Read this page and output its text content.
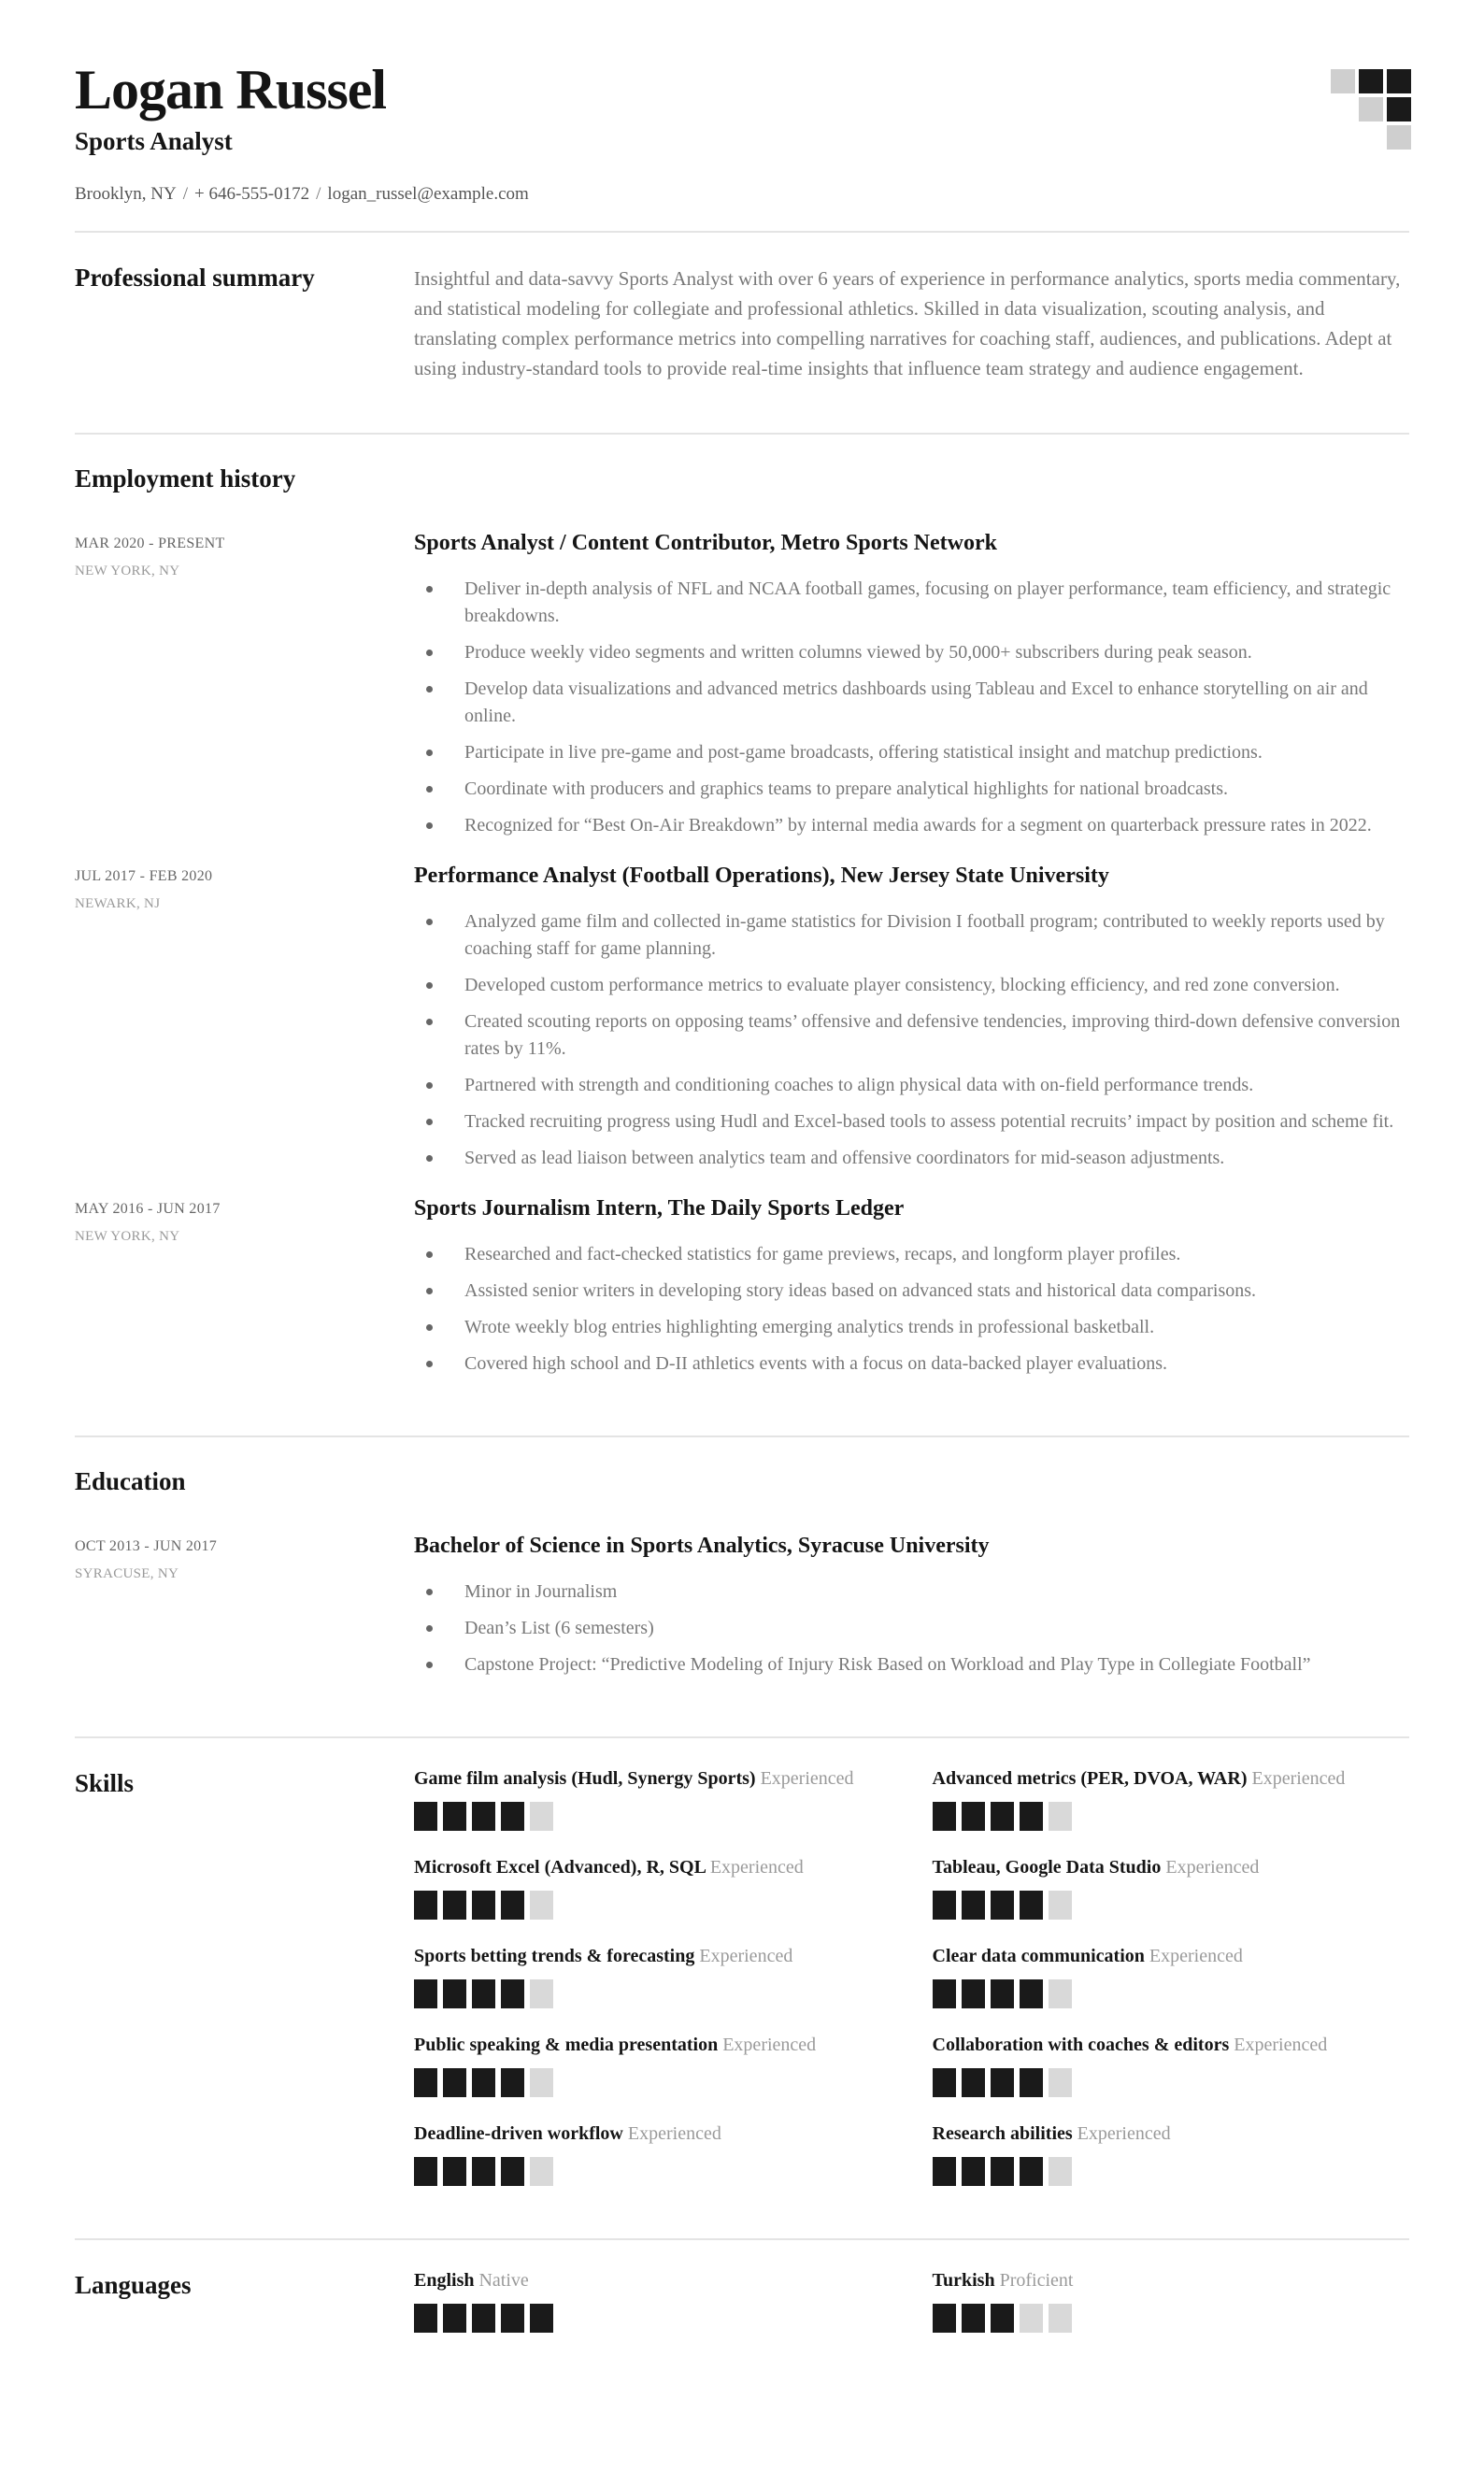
Logan Russel
Sports Analyst
Brooklyn, NY / + 646-555-0172 / logan_russel@example.com
Professional summary	Insightful and data-savvy Sports Analyst with over 6 years of experience in performance analytics, sports media commentary, and statistical modeling for collegiate and professional athletics. Skilled in data visualization, scouting analysis, and translating complex performance metrics into compelling narratives for coaching staff, audiences, and publications. Adept at using industry-standard tools to provide real-time insights that influence team strategy and audience engagement.

Employment history
MAR 2020 - PRESENT
NEW YORK, NY
Sports Analyst / Content Contributor, Metro Sports Network
Deliver in-depth analysis of NFL and NCAA football games, focusing on player performance, team efficiency, and strategic breakdowns.
Produce weekly video segments and written columns viewed by 50,000+ subscribers during peak season.
Develop data visualizations and advanced metrics dashboards using Tableau and Excel to enhance storytelling on air and online.
Participate in live pre-game and post-game broadcasts, offering statistical insight and matchup predictions.
Coordinate with producers and graphics teams to prepare analytical highlights for national broadcasts.
Recognized for “Best On-Air Breakdown” by internal media awards for a segment on quarterback pressure rates in 2022.
JUL 2017 - FEB 2020
NEWARK, NJ
Performance Analyst (Football Operations), New Jersey State University
Analyzed game film and collected in-game statistics for Division I football program; contributed to weekly reports used by coaching staff for game planning.
Developed custom performance metrics to evaluate player consistency, blocking efficiency, and red zone conversion.
Created scouting reports on opposing teams’ offensive and defensive tendencies, improving third-down defensive conversion rates by 11%.
Partnered with strength and conditioning coaches to align physical data with on-field performance trends.
Tracked recruiting progress using Hudl and Excel-based tools to assess potential recruits’ impact by position and scheme fit.
Served as lead liaison between analytics team and offensive coordinators for mid-season adjustments.
MAY 2016 - JUN 2017
NEW YORK, NY
Sports Journalism Intern, The Daily Sports Ledger
Researched and fact-checked statistics for game previews, recaps, and longform player profiles.
Assisted senior writers in developing story ideas based on advanced stats and historical data comparisons.
Wrote weekly blog entries highlighting emerging analytics trends in professional basketball.
Covered high school and D-II athletics events with a focus on data-backed player evaluations.
Education
OCT 2013 - JUN 2017
SYRACUSE, NY
Bachelor of Science in Sports Analytics, Syracuse University
Minor in Journalism
Dean’s List (6 semesters)
Capstone Project: “Predictive Modeling of Injury Risk Based on Workload and Play Type in Collegiate Football”
Skills	Game film analysis (Hudl, Synergy Sports) Experienced	Advanced metrics (PER, DVOA, WAR) Experienced
Microsoft Excel (Advanced), R, SQL Experienced	Tableau, Google Data Studio Experienced
Sports betting trends & forecasting Experienced	Clear data communication Experienced
Public speaking & media presentation Experienced	Collaboration with coaches & editors Experienced
Deadline-driven workflow Experienced	Research abilities Experienced
Languages	English Native	Turkish Proficient
